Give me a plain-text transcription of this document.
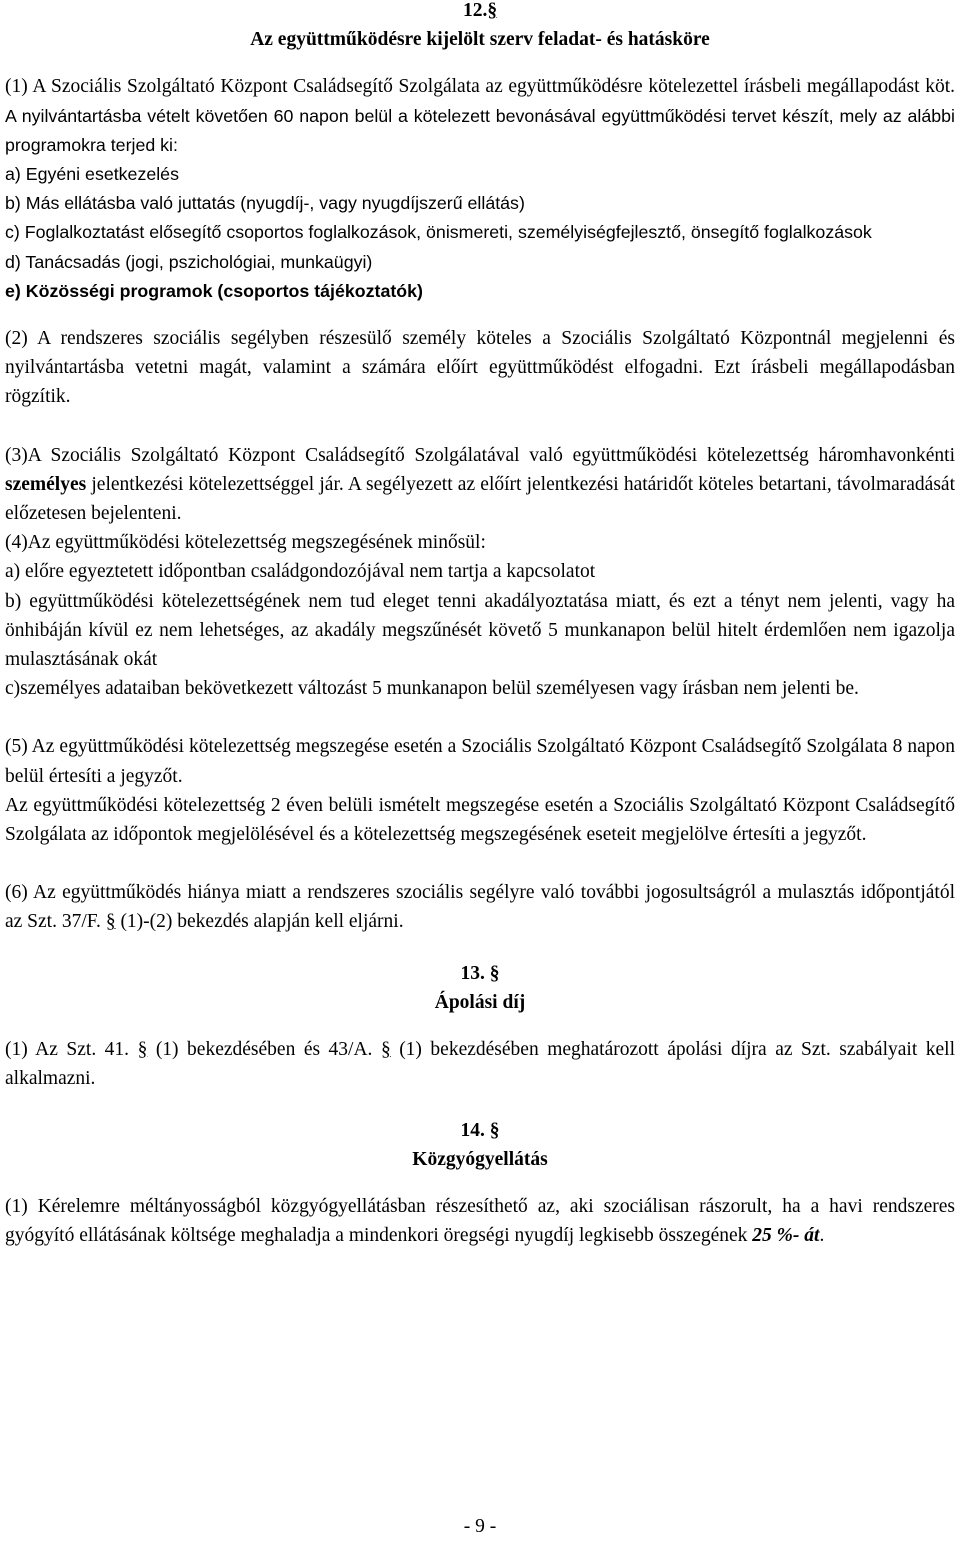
12.§

Az együttműködésre kijelölt szerv feladat- és hatásköre

(1) A Szociális Szolgáltató Központ Családsegítő Szolgálata az együttműködésre kötelezettel írásbeli megállapodást köt. A nyilvántartásba vételt követően 60 napon belül a kötelezett bevonásával együttműködési tervet készít, mely az alábbi programokra terjed ki:

a) Egyéni esetkezelés

b) Más ellátásba való juttatás (nyugdíj-, vagy nyugdíjszerű ellátás)

c) Foglalkoztatást elősegítő csoportos foglalkozások, önismereti, személyiségfejlesztő, önsegítő foglalkozások

d) Tanácsadás (jogi, pszichológiai, munkaügyi)

e) Közösségi programok (csoportos tájékoztatók)

(2) A rendszeres szociális segélyben részesülő személy köteles a Szociális Szolgáltató Központnál megjelenni és nyilvántartásba vetetni magát, valamint a számára előírt együttműködést elfogadni. Ezt írásbeli megállapodásban rögzítik.

(3)A Szociális Szolgáltató Központ Családsegítő Szolgálatával való együttműködési kötelezettség háromhavonkénti személyes jelentkezési kötelezettséggel jár. A segélyezett az előírt jelentkezési határidőt köteles betartani, távolmaradását előzetesen bejelenteni.

(4)Az együttműködési kötelezettség megszegésének minősül:

a) előre egyeztetett időpontban családgondozójával nem tartja a kapcsolatot

b) együttműködési kötelezettségének nem tud eleget tenni akadályoztatása miatt, és ezt a tényt nem jelenti, vagy ha önhibáján kívül ez nem lehetséges, az akadály megszűnését követő 5 munkanapon belül hitelt érdemlően nem igazolja mulasztásának okát

c)személyes adataiban bekövetkezett változást 5 munkanapon belül személyesen vagy írásban nem jelenti be.

(5) Az együttműködési kötelezettség megszegése esetén a Szociális Szolgáltató Központ Családsegítő Szolgálata 8 napon belül értesíti a jegyzőt.

Az együttműködési kötelezettség 2 éven belüli ismételt megszegése esetén a Szociális Szolgáltató Központ Családsegítő Szolgálata az időpontok megjelölésével és a kötelezettség megszegésének eseteit megjelölve értesíti a jegyzőt.

(6) Az együttműködés hiánya miatt a rendszeres szociális segélyre való további jogosultságról a mulasztás időpontjától az Szt. 37/F. § (1)-(2) bekezdés alapján kell eljárni.

13. §

Ápolási díj

(1) Az Szt. 41. § (1) bekezdésében és 43/A. § (1) bekezdésében meghatározott ápolási díjra az Szt. szabályait kell alkalmazni.

14. §

Közgyógyellátás

(1) Kérelemre méltányosságból közgyógyellátásban részesíthető az, aki szociálisan rászorult, ha a havi rendszeres gyógyító ellátásának költsége meghaladja a mindenkori öregségi nyugdíj legkisebb összegének 25 %- át.

- 9 -
